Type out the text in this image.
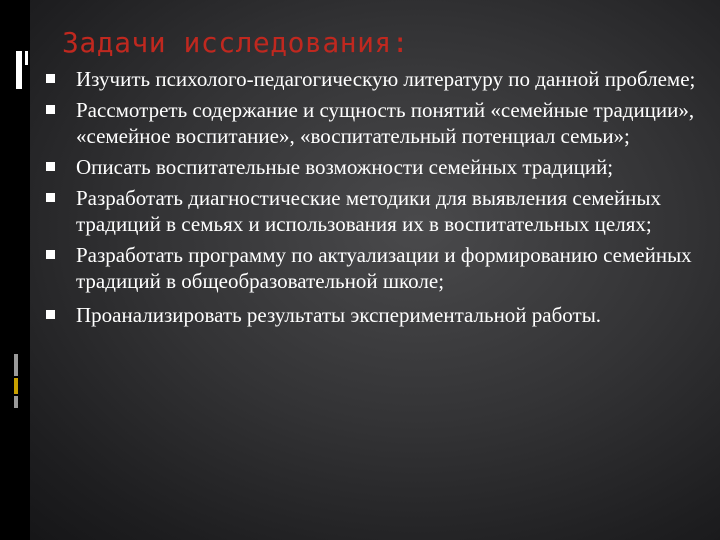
Задачи исследования:
Изучить психолого-педагогическую литературу по данной проблеме;
Рассмотреть содержание и сущность понятий «семейные традиции», «семейное воспитание», «воспитательный потенциал семьи»;
Описать воспитательные возможности семейных традиций;
Разработать диагностические методики для выявления семейных традиций в семьях и использования их в воспитательных целях;
Разработать программу по актуализации и формированию семейных традиций в общеобразовательной школе;
Проанализировать результаты экспериментальной работы.
